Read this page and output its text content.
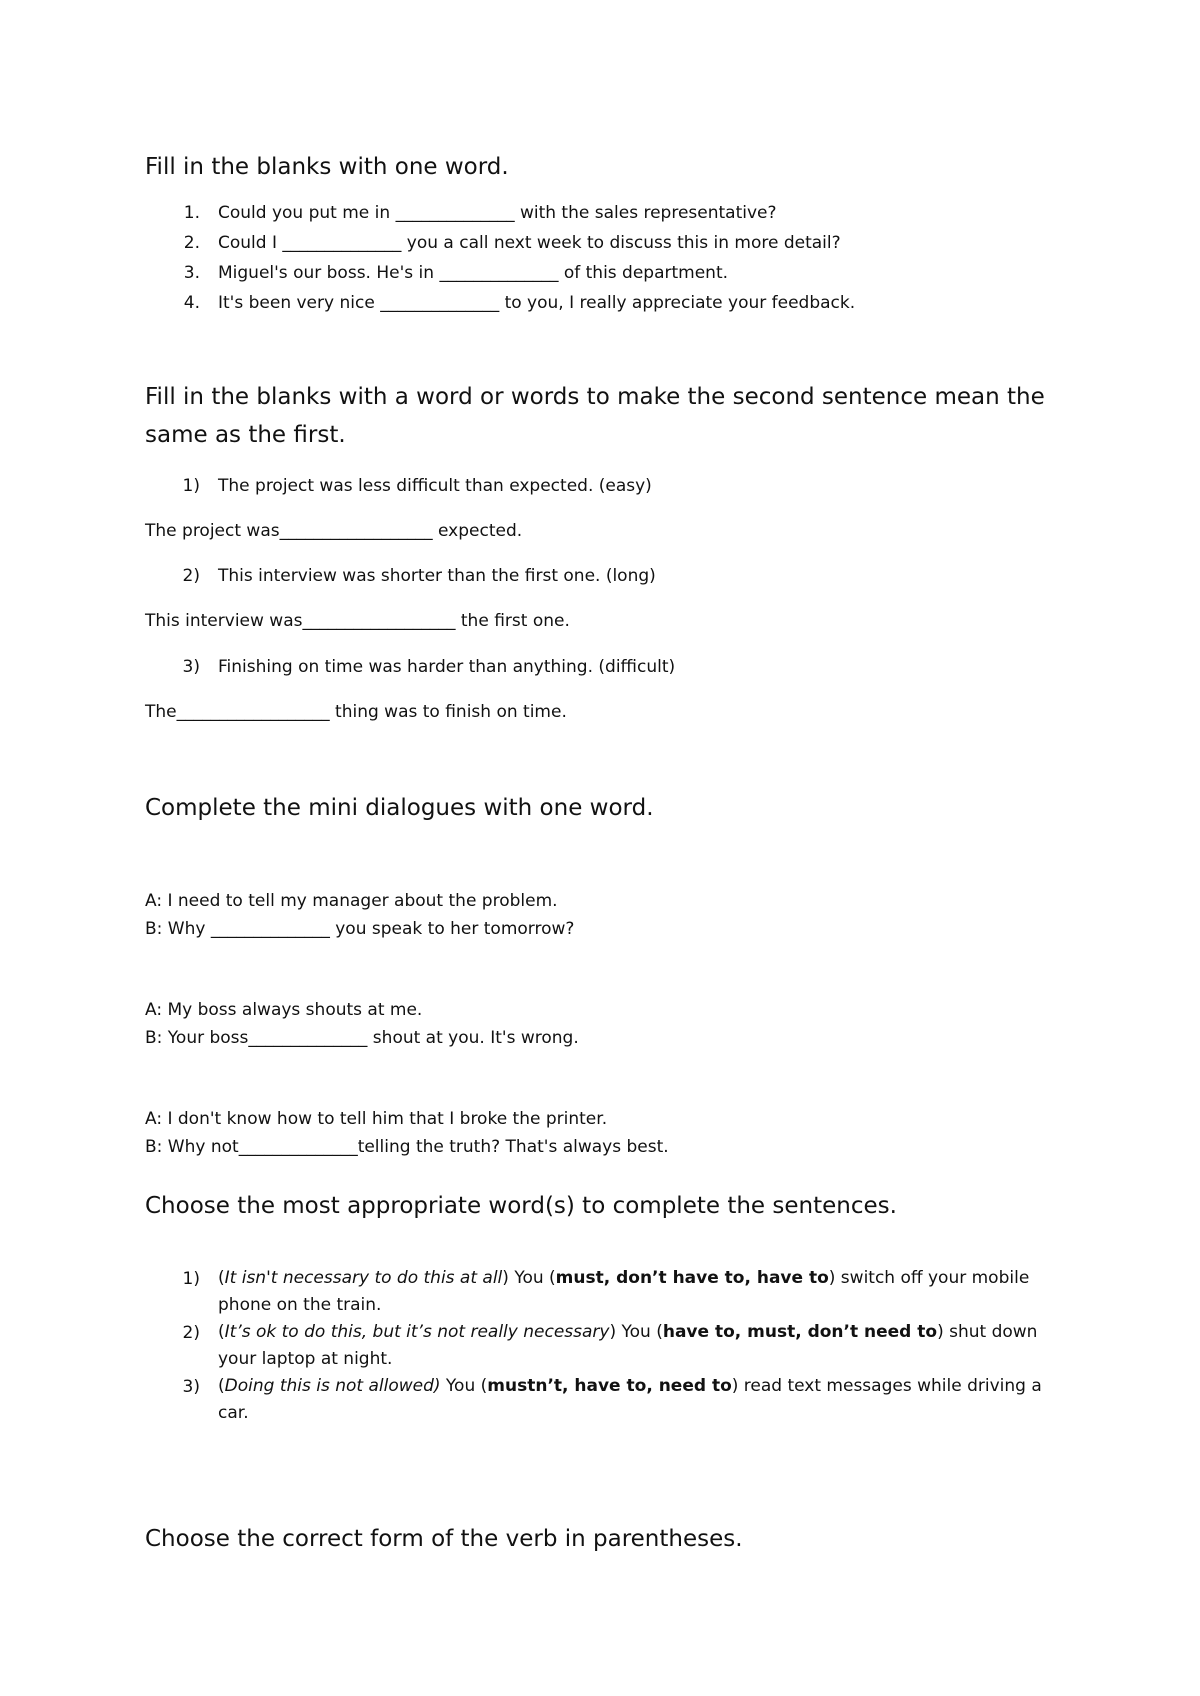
Fill in the blanks with one word.
1. Could you put me in ______________ with the sales representative?
2. Could I ______________ you a call next week to discuss this in more detail?
3. Miguel's our boss. He's in ______________ of this department.
4. It's been very nice ______________ to you, I really appreciate your feedback.
Fill in the blanks with a word or words to make the second sentence mean the same as the first.
1) The project was less difficult than expected. (easy)
The project was__________________ expected.
2) This interview was shorter than the first one. (long)
This interview was__________________ the first one.
3) Finishing on time was harder than anything. (difficult)
The__________________ thing was to finish on time.
Complete the mini dialogues with one word.
A: I need to tell my manager about the problem.
B: Why ______________ you speak to her tomorrow?
A: My boss always shouts at me.
B: Your boss______________ shout at you. It's wrong.
A: I don't know how to tell him that I broke the printer.
B: Why not______________telling the truth? That's always best.
Choose the most appropriate word(s) to complete the sentences.
1) (It isn't necessary to do this at all) You (must, don’t have to, have to) switch off your mobile phone on the train.
2) (It’s ok to do this, but it’s not really necessary) You (have to, must, don’t need to) shut down your laptop at night.
3) (Doing this is not allowed) You (mustn’t, have to, need to) read text messages while driving a car.
Choose the correct form of the verb in parentheses.
